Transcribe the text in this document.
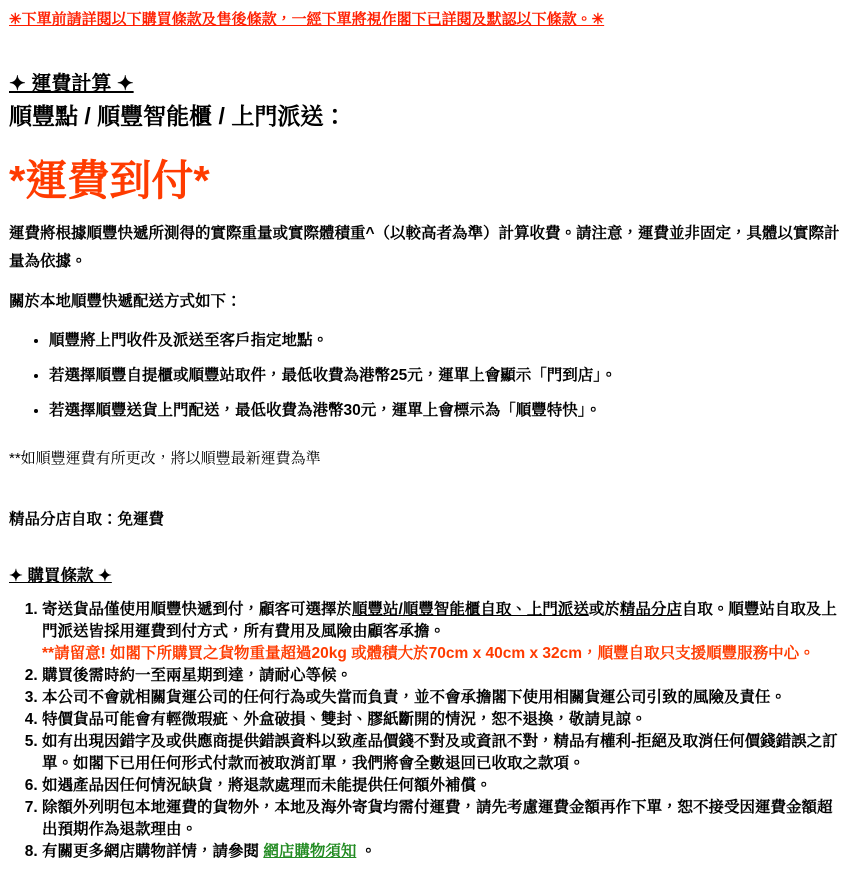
✳下單前請詳閱以下購買條款及售後條款，一經下單將視作閣下已詳閱及默認以下條款。✳

✦ 運費計算 ✦
順豐點 / 順豐智能櫃 / 上門派送：
*運費到付*

運費將根據順豐快遞所測得的實際重量或實際體積重^（以較高者為準）計算收費。請注意，運費並非固定，具體以實際計量為依據。

關於本地順豐快遞配送方式如下：

• 順豐將上門收件及派送至客戶指定地點。
• 若選擇順豐自提櫃或順豐站取件，最低收費為港幣25元，運單上會顯示「門到店」。
• 若選擇順豐送貨上門配送，最低收費為港幣30元，運單上會標示為「順豐特快」。

**如順豐運費有所更改，將以順豐最新運費為準

精品分店自取：免運費

✦ 購買條款 ✦
1. 寄送貨品僅使用順豐快遞到付，顧客可選擇於順豐站/順豐智能櫃自取、上門派送或於精品分店自取。順豐站自取及上門派送皆採用運費到付方式，所有費用及風險由顧客承擔。
**請留意! 如閣下所購買之貨物重量超過20kg 或體積大於70cm x 40cm x 32cm，順豐自取只支援順豐服務中心。
2. 購買後需時約一至兩星期到達，請耐心等候。
3. 本公司不會就相關貨運公司的任何行為或失當而負責，並不會承擔閣下使用相關貨運公司引致的風險及責任。
4. 特價貨品可能會有輕微瑕疵、外盒破損、雙封、膠紙斷開的情況，恕不退換，敬請見諒。
5. 如有出現因錯字及或供應商提供錯誤資料以致產品價錢不對及或資訊不對，精品有權利-拒絕及取消任何價錢錯誤之訂單。如閣下已用任何形式付款而被取消訂單，我們將會全數退回已收取之款項。
6. 如遇產品因任何情況缺貨，將退款處理而未能提供任何額外補償。
7. 除額外列明包本地運費的貨物外，本地及海外寄貨均需付運費，請先考慮運費金額再作下單，恕不接受因運費金額超出預期作為退款理由。
8. 有關更多網店購物詳情，請參閱 網店購物須知 。
